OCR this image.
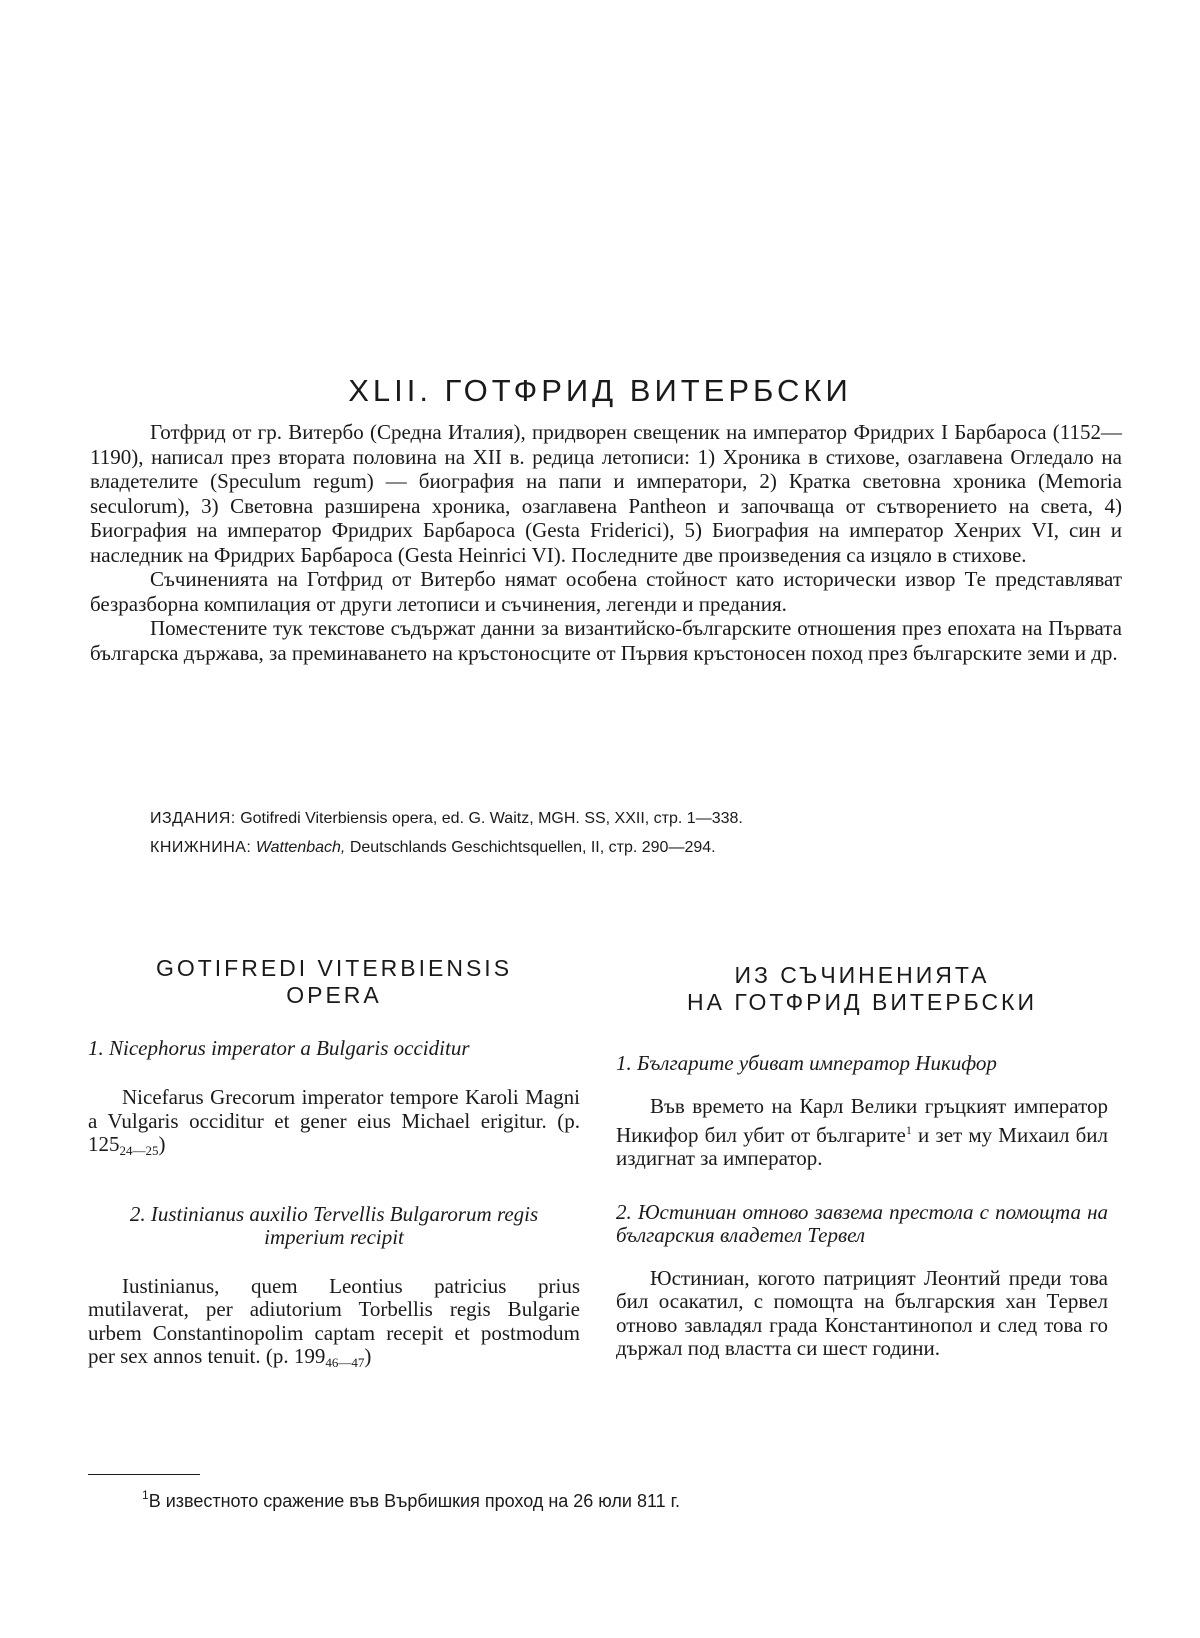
XLII. ГОТФРИД ВИТЕРБСКИ

Готфрид от гр. Витербо (Средна Италия), придворен свещеник на император Фридрих I Барбароса (1152—1190), написал през втората половина на XII в. редица летописи: 1) Хроника в стихове, озаглавена Огледало на владетелите (Speculum regum) — биография на папи и императори, 2) Кратка световна хроника (Memoria seculorum), 3) Световна разширена хроника, озаглавена Pantheon и започваща от сътворението на света, 4) Биография на император Фридрих Барбароса (Gesta Friderici), 5) Биография на император Хенрих VI, син и наследник на Фридрих Барбароса (Gesta Heinrici VI). Последните две произведения са изцяло в стихове.

Съчиненията на Готфрид от Витербо нямат особена стойност като исторически извор Те представляват безразборна компилация от други летописи и съчинения, легенди и предания.

Поместените тук текстове съдържат данни за византийско-българските отношения през епохата на Първата българска държава, за преминаването на кръстоносците от Първия кръстоносен поход през българските земи и др.

ИЗДАНИЯ: Gotifredi Viterbiensis opera, ed. G. Waitz, MGH. SS, XXII, стр. 1—338.
КНИЖНИНА: Wattenbach, Deutschlands Geschichtsquellen, II, стр. 290—294.
GOTIFREDI VITERBIENSIS
OPERA

1. Nicephorus imperator a Bulgaris occiditur

Nicefarus Grecorum imperator tempore Karoli Magni a Vulgaris occiditur et gener eius Michael erigitur. (p. $125_{24—25}$)

2. Iustinianus auxilio Tervellis Bulgarorum regis imperium recipit

Iustinianus, quem Leontius patricius prius mutilaverat, per adiutorium Torbellis regis Bulgarie urbem Constantinopolim captam recepit et postmodum per sex annos tenuit. (p. $199_{46—47}$)

ИЗ СЪЧИНЕНИЯТА
НА ГОТФРИД ВИТЕРБСКИ

1. Българите убиват император Никифор

Във времето на Карл Велики гръцкият император Никифор бил убит от българите$^1$ и зет му Михаил бил издигнат за император.

2. Юстиниан отново завзема престола с помощта на българския владетел Тервел

Юстиниан, когото патрицият Леонтий преди това бил осакатил, с помощта на българския хан Тервел отново завладял града Константинопол и след това го държал под властта си шест години.

$^1$В известното сражение във Върбишкия проход на 26 юли 811 г.
